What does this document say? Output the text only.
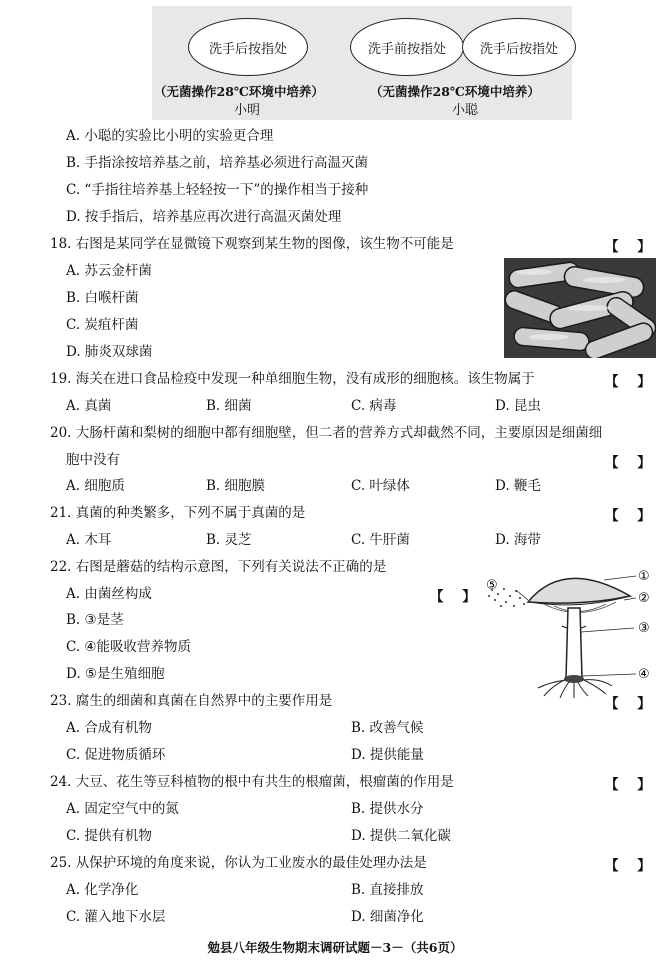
洗手后按指处	洗手前按指处	洗手后按指处
（无菌操作28℃环境中培养）	（无菌操作28℃环境中培养）
小明	小聪
A. 小聪的实验比小明的实验更合理
B. 手指涂按培养基之前，培养基必须进行高温灭菌
C. “手指往培养基上轻轻按一下”的操作相当于接种
D. 按手指后，培养基应再次进行高温灭菌处理
18. 右图是某同学在显微镜下观察到某生物的图像，该生物不可能是	【    】
A. 苏云金杆菌
B. 白喉杆菌
C. 炭疽杆菌
D. 肺炎双球菌
19. 海关在进口食品检疫中发现一种单细胞生物，没有成形的细胞核。该生物属于	【    】
A. 真菌	B. 细菌	C. 病毒	D. 昆虫
20. 大肠杆菌和梨树的细胞中都有细胞壁，但二者的营养方式却截然不同，主要原因是细菌细
胞中没有	【    】
A. 细胞质	B. 细胞膜	C. 叶绿体	D. 鞭毛
21. 真菌的种类繁多，下列不属于真菌的是	【    】
A. 木耳	B. 灵芝	C. 牛肝菌	D. 海带
22. 右图是蘑菇的结构示意图，下列有关说法不正确的是
A. 由菌丝构成	【    】
B. ③是茎
C. ④能吸收营养物质
D. ⑤是生殖细胞
①
②
③
④
⑤
23. 腐生的细菌和真菌在自然界中的主要作用是	【    】
A. 合成有机物	B. 改善气候
C. 促进物质循环	D. 提供能量
24. 大豆、花生等豆科植物的根中有共生的根瘤菌，根瘤菌的作用是	【    】
A. 固定空气中的氮	B. 提供水分
C. 提供有机物	D. 提供二氧化碳
25. 从保护环境的角度来说，你认为工业废水的最佳处理办法是	【    】
A. 化学净化	B. 直接排放
C. 灌入地下水层	D. 细菌净化
勉县八年级生物期末调研试题－3－（共6页）
